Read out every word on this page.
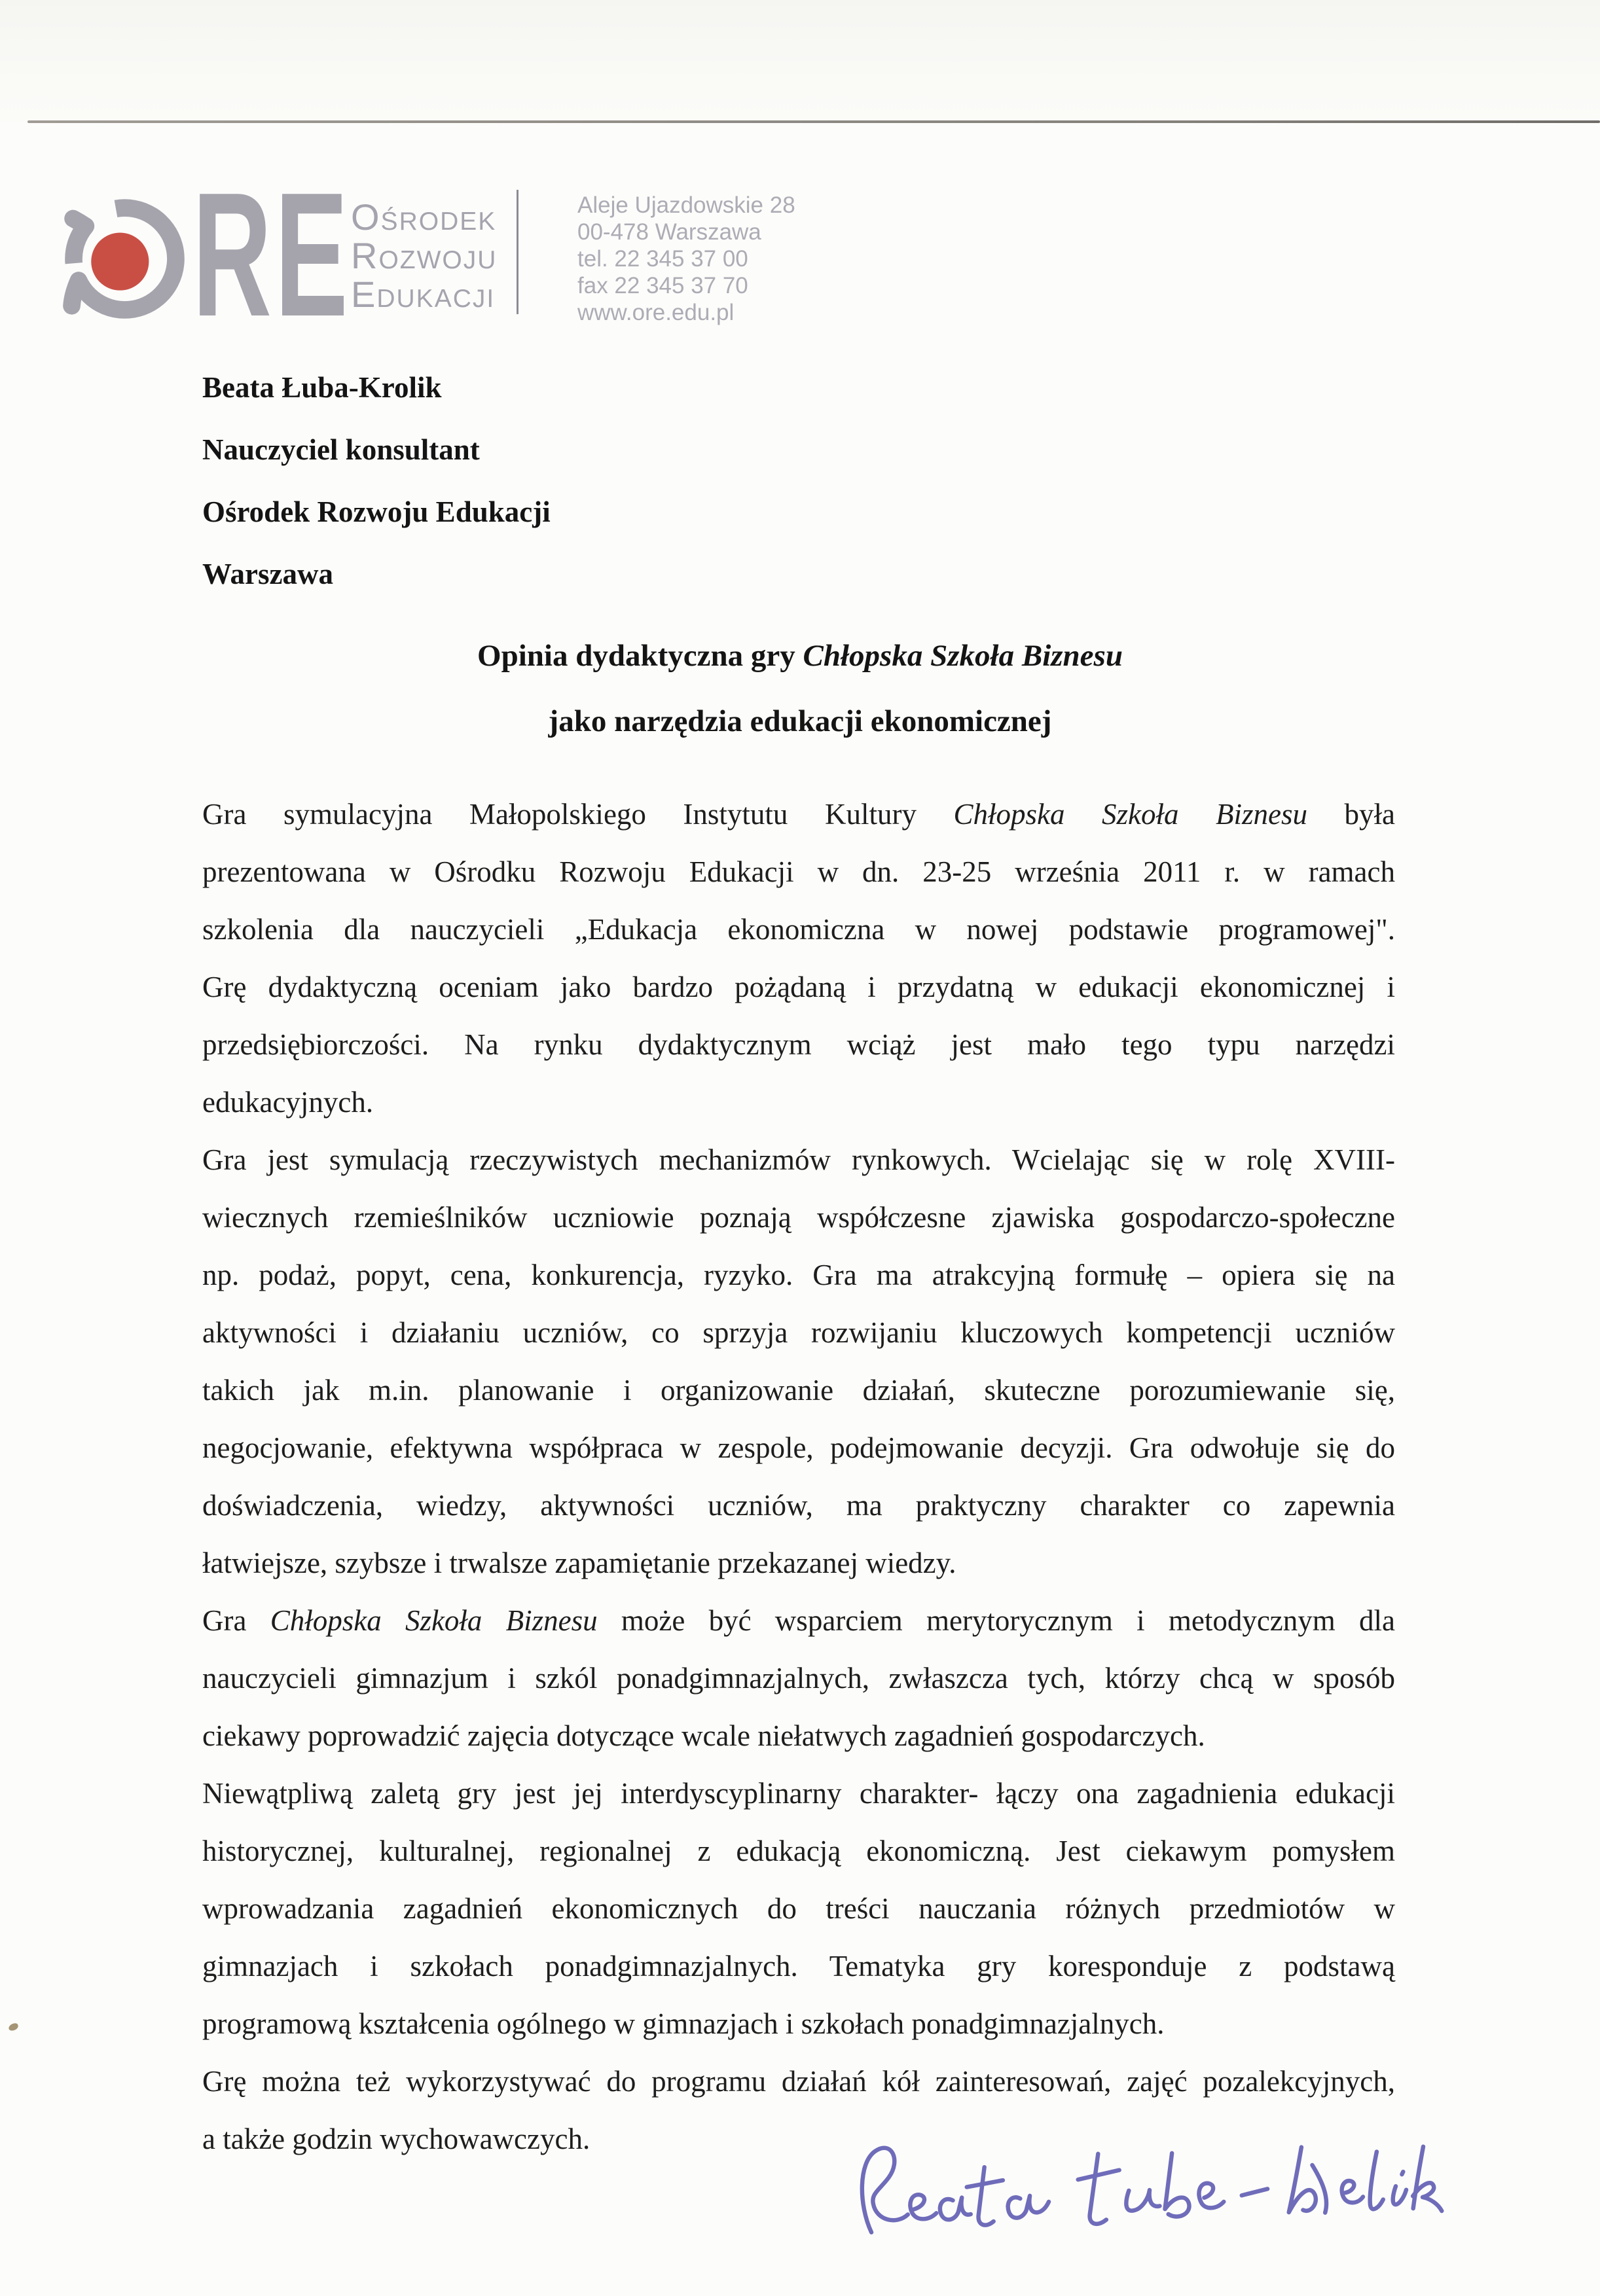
RE Ośrodek
Rozwoju
Edukacji
Aleje Ujazdowskie 28
00-478 Warszawa
tel. 22 345 37 00
fax 22 345 37 70
www.ore.edu.pl
Beata Łuba-Krolik
Nauczyciel konsultant
Ośrodek Rozwoju Edukacji
Warszawa
Opinia dydaktyczna gry Chłopska Szkoła Biznesu
jako narzędzia edukacji ekonomicznej
Gra symulacyjna Małopolskiego Instytutu Kultury Chłopska Szkoła Biznesu była
prezentowana w Ośrodku Rozwoju Edukacji w dn. 23-25 września 2011 r. w ramach
szkolenia dla nauczycieli „Edukacja ekonomiczna w nowej podstawie programowej".
Grę dydaktyczną oceniam jako bardzo pożądaną i przydatną w edukacji ekonomicznej i
przedsiębiorczości. Na rynku dydaktycznym wciąż jest mało tego typu narzędzi
edukacyjnych.
Gra jest symulacją rzeczywistych mechanizmów rynkowych. Wcielając się w rolę XVIII-
wiecznych rzemieślników uczniowie poznają współczesne zjawiska gospodarczo-społeczne
np. podaż, popyt, cena, konkurencja, ryzyko. Gra ma atrakcyjną formułę – opiera się na
aktywności i działaniu uczniów, co sprzyja rozwijaniu kluczowych kompetencji uczniów
takich jak m.in. planowanie i organizowanie działań, skuteczne porozumiewanie się,
negocjowanie, efektywna współpraca w zespole, podejmowanie decyzji. Gra odwołuje się do
doświadczenia, wiedzy, aktywności uczniów, ma praktyczny charakter co zapewnia
łatwiejsze, szybsze i trwalsze zapamiętanie przekazanej wiedzy.
Gra Chłopska Szkoła Biznesu może być wsparciem merytorycznym i metodycznym dla
nauczycieli gimnazjum i szkól ponadgimnazjalnych, zwłaszcza tych, którzy chcą w sposób
ciekawy poprowadzić zajęcia dotyczące wcale niełatwych zagadnień gospodarczych.
Niewątpliwą zaletą gry jest jej interdyscyplinarny charakter- łączy ona zagadnienia edukacji
historycznej, kulturalnej, regionalnej z edukacją ekonomiczną. Jest ciekawym pomysłem
wprowadzania zagadnień ekonomicznych do treści nauczania różnych przedmiotów w
gimnazjach i szkołach ponadgimnazjalnych. Tematyka gry koresponduje z podstawą
programową kształcenia ogólnego w gimnazjach i szkołach ponadgimnazjalnych.
Grę można też wykorzystywać do programu działań kół zainteresowań, zajęć pozalekcyjnych,
a także godzin wychowawczych.
